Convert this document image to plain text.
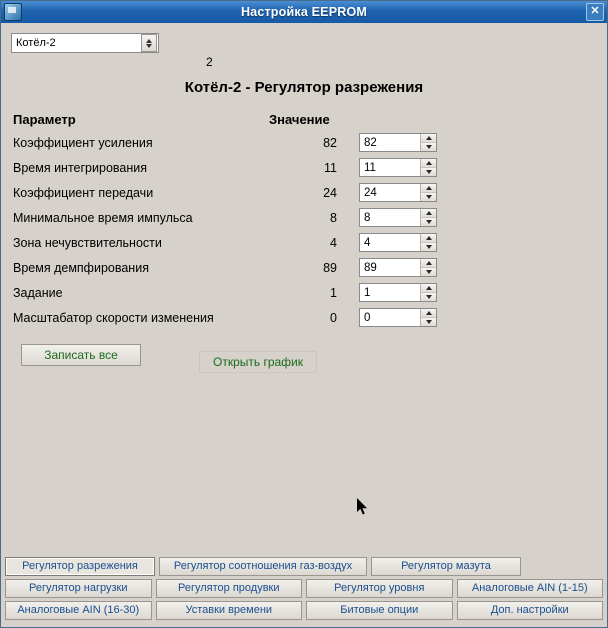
Настройка EEPROM	✕
Котёл-2
2
Котёл-2 - Регулятор разрежения
Параметр	Значение
Коэффициент усиления	82
82
Время интегрирования	11
11
Коэффициент передачи	24
24
Минимальное время импульса	8
8
Зона нечувствительности	4
4
Время демпфирования	89
89
Задание	1
1
Масштабатор скорости изменения	0
0
Записать все	Открыть график
Регулятор разрежения	Регулятор соотношения газ-воздух	Регулятор мазута
Регулятор нагрузки	Регулятор продувки	Регулятор уровня	Аналоговые AIN (1-15)
Аналоговые AIN (16-30)	Уставки времени	Битовые опции	Доп. настройки
